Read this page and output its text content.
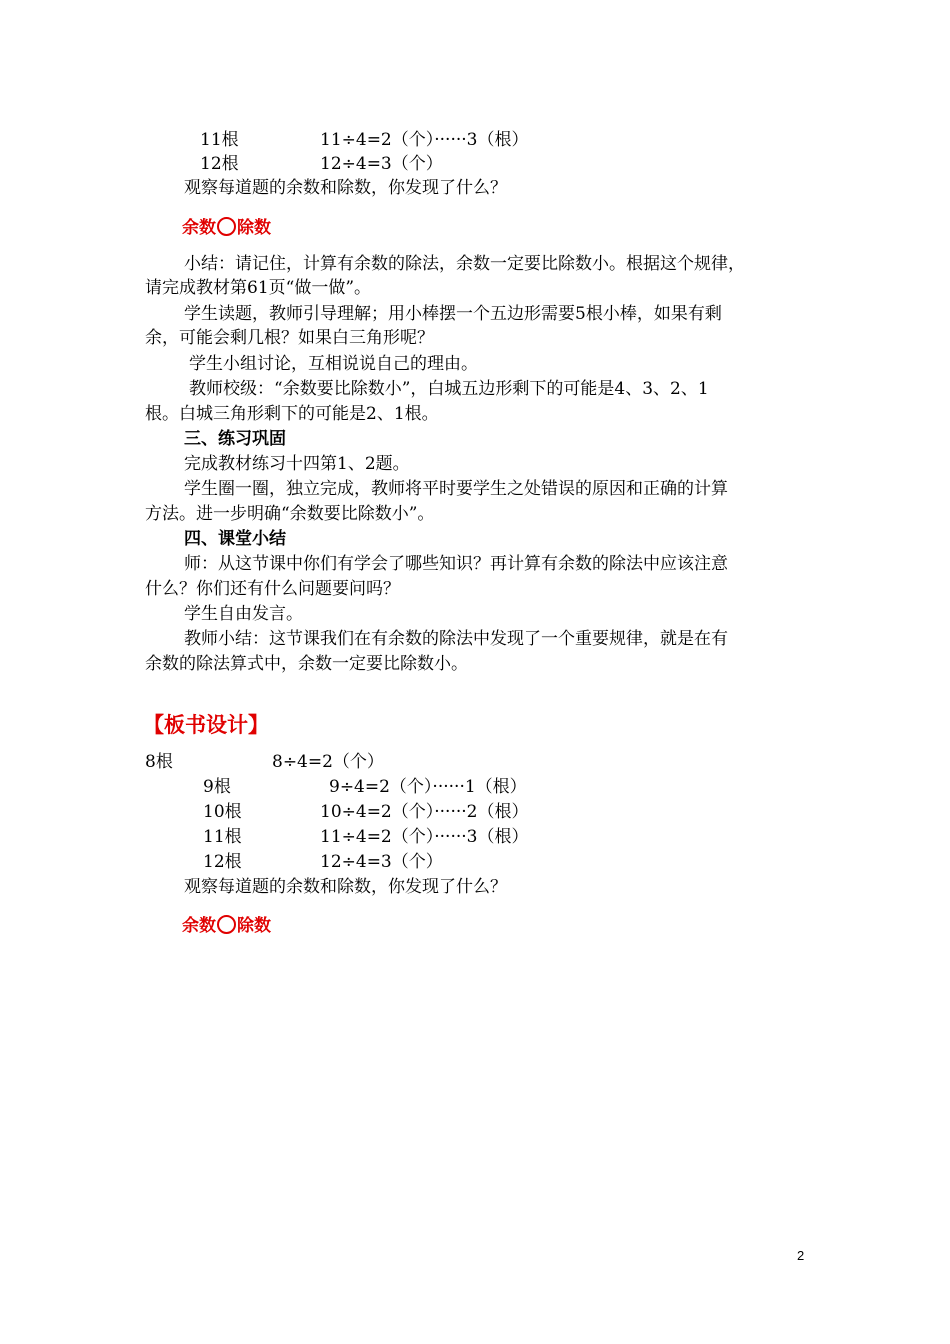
11根	11÷4=2（个）······3（根）
12根	12÷4=3（个）
观察每道题的余数和除数，你发现了什么？
余数 除数
小结：请记住，计算有余数的除法，余数一定要比除数小。根据这个规律，
请完成教材第61页“做一做”。
学生读题，教师引导理解；用小棒摆一个五边形需要5根小棒，如果有剩
余，可能会剩几根？如果白三角形呢？
学生小组讨论，互相说说自己的理由。
教师校级：“余数要比除数小”，白城五边形剩下的可能是4、3、2、1
根。白城三角形剩下的可能是2、1根。
三、练习巩固
完成教材练习十四第1、2题。
学生圈一圈，独立完成，教师将平时要学生之处错误的原因和正确的计算
方法。进一步明确“余数要比除数小”。
四、课堂小结
师：从这节课中你们有学会了哪些知识？再计算有余数的除法中应该注意
什么？你们还有什么问题要问吗？
学生自由发言。
教师小结：这节课我们在有余数的除法中发现了一个重要规律，就是在有
余数的除法算式中，余数一定要比除数小。
【板书设计】
8根	8÷4=2（个）
9根	9÷4=2（个）······1（根）
10根	10÷4=2（个）······2（根）
11根	11÷4=2（个）······3（根）
12根	12÷4=3（个）
观察每道题的余数和除数，你发现了什么？
余数 除数
2
